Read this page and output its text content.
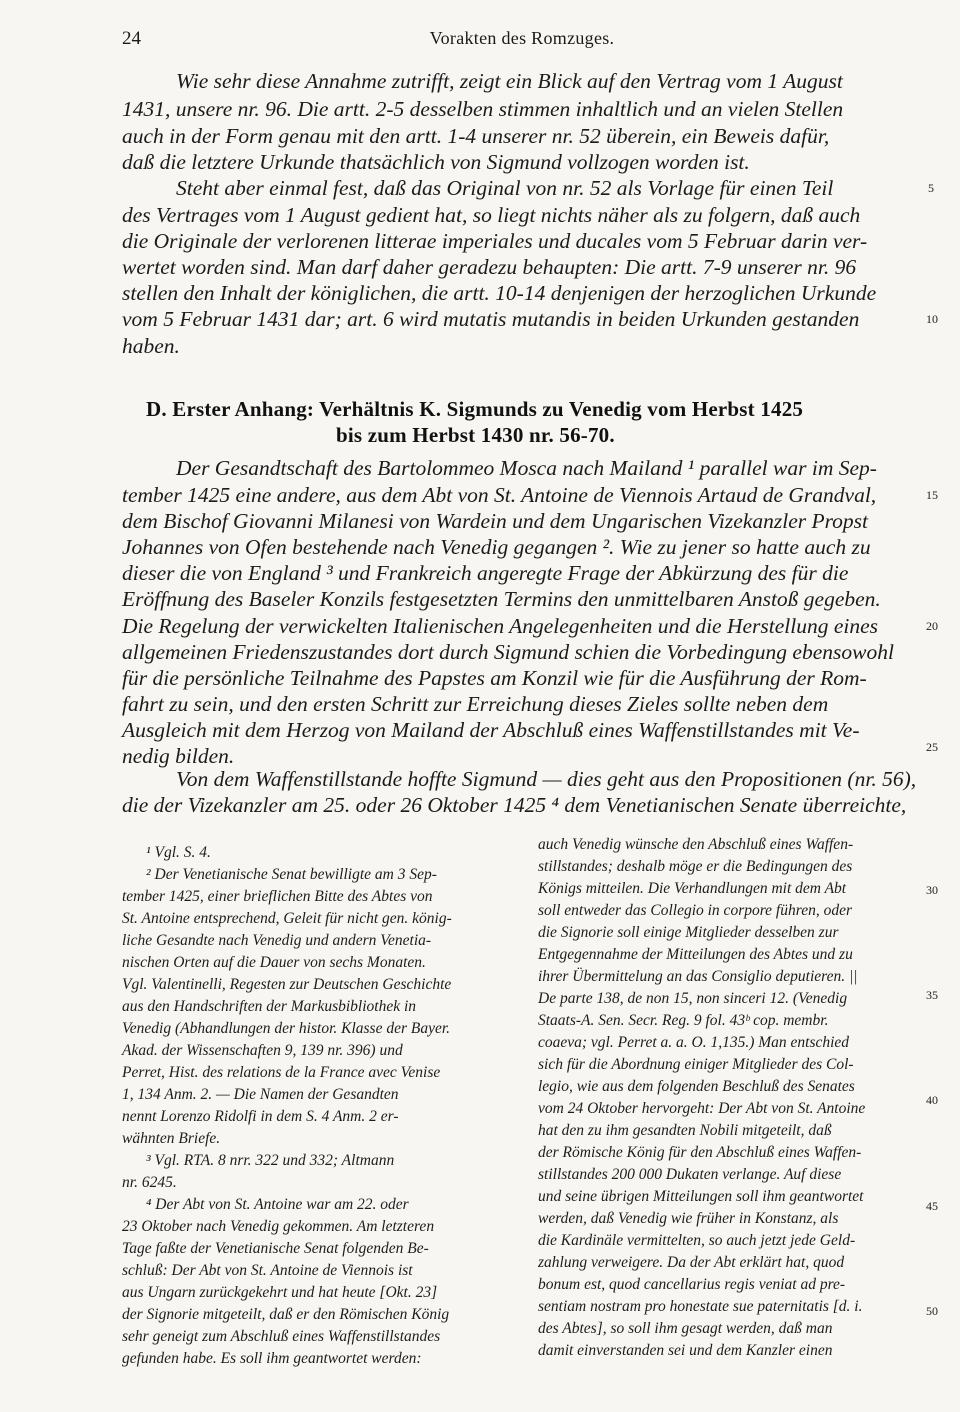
24	Vorakten des Romzuges.
Wie sehr diese Annahme zutrifft, zeigt ein Blick auf den Vertrag vom 1 August
1431, unsere nr. 96. Die artt. 2-5 desselben stimmen inhaltlich und an vielen Stellen
auch in der Form genau mit den artt. 1-4 unserer nr. 52 überein, ein Beweis dafür,
daß die letztere Urkunde thatsächlich von Sigmund vollzogen worden ist.
Steht aber einmal fest, daß das Original von nr. 52 als Vorlage für einen Teil
des Vertrages vom 1 August gedient hat, so liegt nichts näher als zu folgern, daß auch
die Originale der verlorenen litterae imperiales und ducales vom 5 Februar darin ver-
wertet worden sind. Man darf daher geradezu behaupten: Die artt. 7-9 unserer nr. 96
stellen den Inhalt der königlichen, die artt. 10-14 denjenigen der herzoglichen Urkunde
vom 5 Februar 1431 dar; art. 6 wird mutatis mutandis in beiden Urkunden gestanden
haben.
D. Erster Anhang: Verhältnis K. Sigmunds zu Venedig vom Herbst 1425
bis zum Herbst 1430 nr. 56-70.
Der Gesandtschaft des Bartolommeo Mosca nach Mailand ¹ parallel war im Sep-
tember 1425 eine andere, aus dem Abt von St. Antoine de Viennois Artaud de Grandval,
dem Bischof Giovanni Milanesi von Wardein und dem Ungarischen Vizekanzler Propst
Johannes von Ofen bestehende nach Venedig gegangen ². Wie zu jener so hatte auch zu
dieser die von England ³ und Frankreich angeregte Frage der Abkürzung des für die
Eröffnung des Baseler Konzils festgesetzten Termins den unmittelbaren Anstoß gegeben.
Die Regelung der verwickelten Italienischen Angelegenheiten und die Herstellung eines
allgemeinen Friedenszustandes dort durch Sigmund schien die Vorbedingung ebensowohl
für die persönliche Teilnahme des Papstes am Konzil wie für die Ausführung der Rom-
fahrt zu sein, und den ersten Schritt zur Erreichung dieses Zieles sollte neben dem
Ausgleich mit dem Herzog von Mailand der Abschluß eines Waffenstillstandes mit Ve-
nedig bilden.
Von dem Waffenstillstande hoffte Sigmund — dies geht aus den Propositionen (nr. 56),
die der Vizekanzler am 25. oder 26 Oktober 1425 ⁴ dem Venetianischen Senate überreichte,
5
10
15
20
25
30
35
40
45
50
¹ Vgl. S. 4.
² Der Venetianische Senat bewilligte am 3 Sep-
tember 1425, einer brieflichen Bitte des Abtes von
St. Antoine entsprechend, Geleit für nicht gen. könig-
liche Gesandte nach Venedig und andern Venetia-
nischen Orten auf die Dauer von sechs Monaten.
Vgl. Valentinelli, Regesten zur Deutschen Geschichte
aus den Handschriften der Markusbibliothek in
Venedig (Abhandlungen der histor. Klasse der Bayer.
Akad. der Wissenschaften 9, 139 nr. 396) und
Perret, Hist. des relations de la France avec Venise
1, 134 Anm. 2. — Die Namen der Gesandten
nennt Lorenzo Ridolfi in dem S. 4 Anm. 2 er-
wähnten Briefe.
³ Vgl. RTA. 8 nrr. 322 und 332; Altmann
nr. 6245.
⁴ Der Abt von St. Antoine war am 22. oder
23 Oktober nach Venedig gekommen. Am letzteren
Tage faßte der Venetianische Senat folgenden Be-
schluß: Der Abt von St. Antoine de Viennois ist
aus Ungarn zurückgekehrt und hat heute [Okt. 23]
der Signorie mitgeteilt, daß er den Römischen König
sehr geneigt zum Abschluß eines Waffenstillstandes
gefunden habe. Es soll ihm geantwortet werden:
auch Venedig wünsche den Abschluß eines Waffen-
stillstandes; deshalb möge er die Bedingungen des
Königs mitteilen. Die Verhandlungen mit dem Abt
soll entweder das Collegio in corpore führen, oder
die Signorie soll einige Mitglieder desselben zur
Entgegennahme der Mitteilungen des Abtes und zu
ihrer Übermittelung an das Consiglio deputieren. ||
De parte 138, de non 15, non sinceri 12. (Venedig
Staats-A. Sen. Secr. Reg. 9 fol. 43ᵇ cop. membr.
coaeva; vgl. Perret a. a. O. 1,135.) Man entschied
sich für die Abordnung einiger Mitglieder des Col-
legio, wie aus dem folgenden Beschluß des Senates
vom 24 Oktober hervorgeht: Der Abt von St. Antoine
hat den zu ihm gesandten Nobili mitgeteilt, daß
der Römische König für den Abschluß eines Waffen-
stillstandes 200 000 Dukaten verlange. Auf diese
und seine übrigen Mitteilungen soll ihm geantwortet
werden, daß Venedig wie früher in Konstanz, als
die Kardinäle vermittelten, so auch jetzt jede Geld-
zahlung verweigere. Da der Abt erklärt hat, quod
bonum est, quod cancellarius regis veniat ad pre-
sentiam nostram pro honestate sue paternitatis [d. i.
des Abtes], so soll ihm gesagt werden, daß man
damit einverstanden sei und dem Kanzler einen
